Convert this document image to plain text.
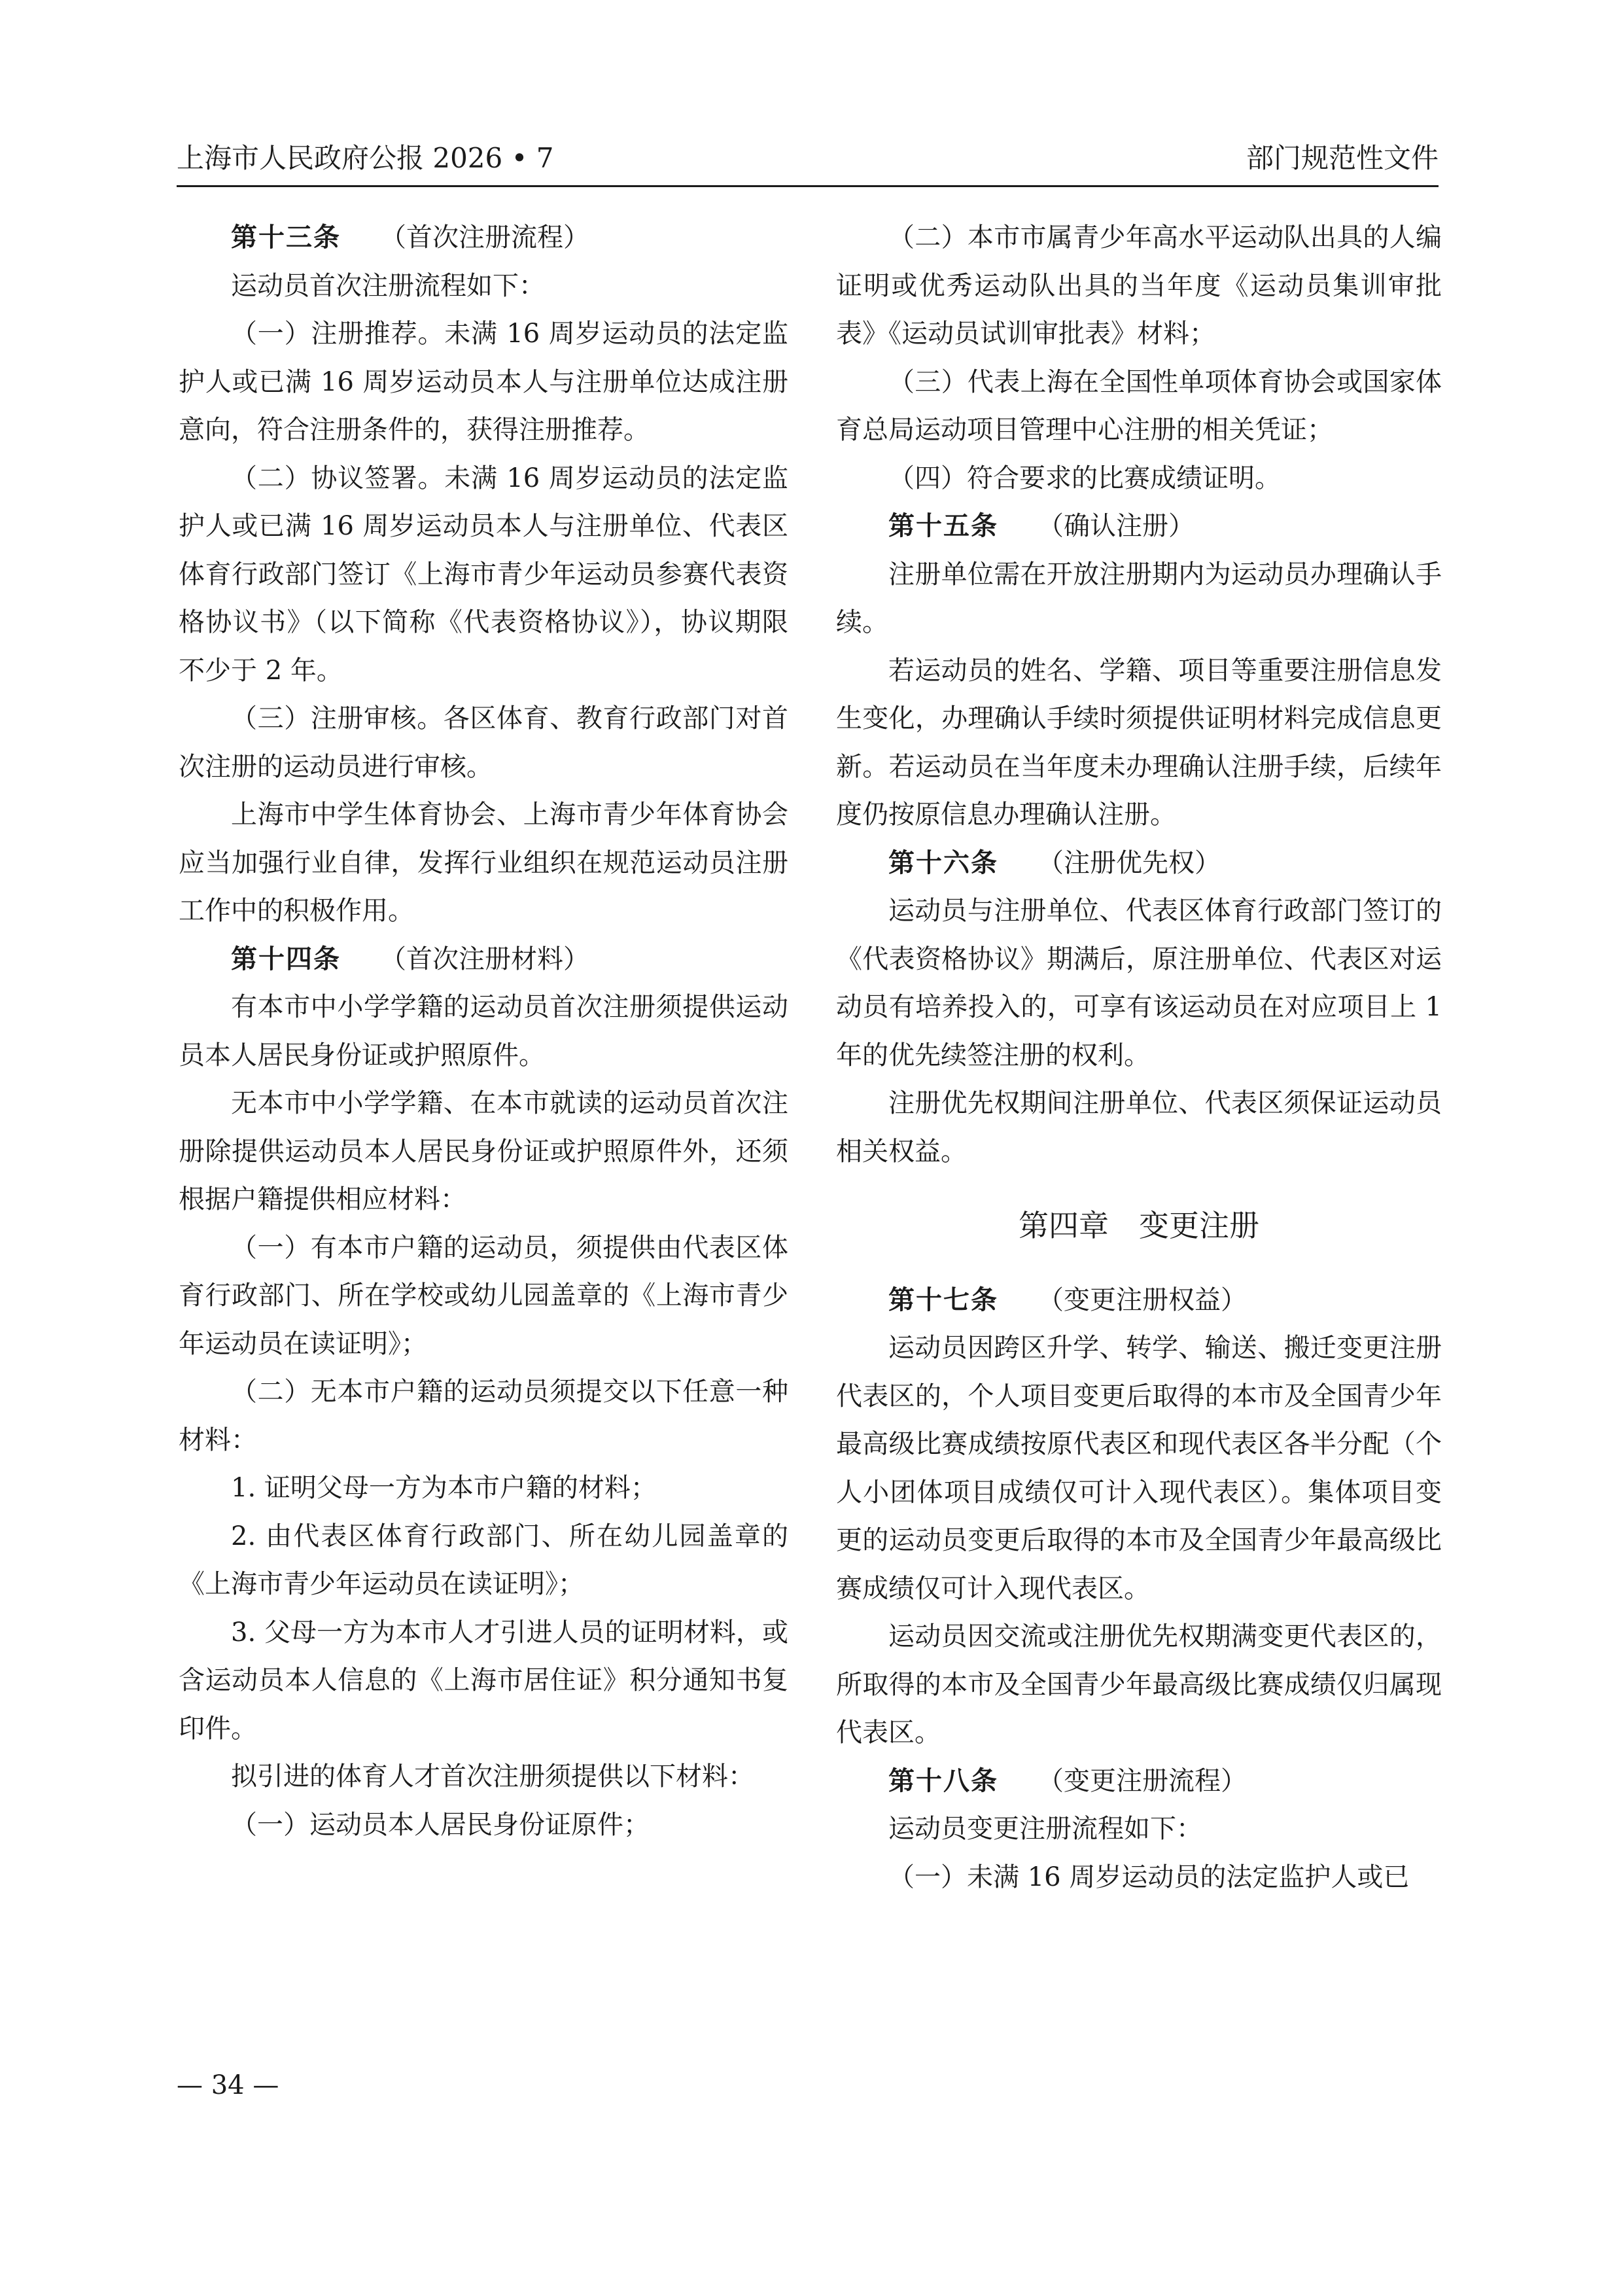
上海市人民政府公报 2026 • 7	部门规范性文件

第十三条 （首次注册流程）

运动员首次注册流程如下：

（一）注册推荐。未满 16 周岁运动员的法定监护人或已满 16 周岁运动员本人与注册单位达成注册意向，符合注册条件的，获得注册推荐。

（二）协议签署。未满 16 周岁运动员的法定监护人或已满 16 周岁运动员本人与注册单位、代表区体育行政部门签订《上海市青少年运动员参赛代表资格协议书》（以下简称《代表资格协议》），协议期限不少于 2 年。

（三）注册审核。各区体育、教育行政部门对首次注册的运动员进行审核。

上海市中学生体育协会、上海市青少年体育协会应当加强行业自律，发挥行业组织在规范运动员注册工作中的积极作用。

第十四条 （首次注册材料）

有本市中小学学籍的运动员首次注册须提供运动员本人居民身份证或护照原件。

无本市中小学学籍、在本市就读的运动员首次注册除提供运动员本人居民身份证或护照原件外，还须根据户籍提供相应材料：

（一）有本市户籍的运动员，须提供由代表区体育行政部门、所在学校或幼儿园盖章的《上海市青少年运动员在读证明》；

（二）无本市户籍的运动员须提交以下任意一种材料：

1. 证明父母一方为本市户籍的材料；

2. 由代表区体育行政部门、所在幼儿园盖章的《上海市青少年运动员在读证明》；

3. 父母一方为本市人才引进人员的证明材料，或含运动员本人信息的《上海市居住证》积分通知书复印件。

拟引进的体育人才首次注册须提供以下材料：

（一）运动员本人居民身份证原件；

（二）本市市属青少年高水平运动队出具的人编证明或优秀运动队出具的当年度《运动员集训审批表》《运动员试训审批表》材料；

（三）代表上海在全国性单项体育协会或国家体育总局运动项目管理中心注册的相关凭证；

（四）符合要求的比赛成绩证明。

第十五条 （确认注册）

注册单位需在开放注册期内为运动员办理确认手续。

若运动员的姓名、学籍、项目等重要注册信息发生变化，办理确认手续时须提供证明材料完成信息更新。若运动员在当年度未办理确认注册手续，后续年度仍按原信息办理确认注册。

第十六条 （注册优先权）

运动员与注册单位、代表区体育行政部门签订的《代表资格协议》期满后，原注册单位、代表区对运动员有培养投入的，可享有该运动员在对应项目上 1 年的优先续签注册的权利。

注册优先权期间注册单位、代表区须保证运动员相关权益。

第四章 变更注册

第十七条 （变更注册权益）

运动员因跨区升学、转学、输送、搬迁变更注册代表区的，个人项目变更后取得的本市及全国青少年最高级比赛成绩按原代表区和现代表区各半分配（个人小团体项目成绩仅可计入现代表区）。集体项目变更的运动员变更后取得的本市及全国青少年最高级比赛成绩仅可计入现代表区。

运动员因交流或注册优先权期满变更代表区的，所取得的本市及全国青少年最高级比赛成绩仅归属现代表区。

第十八条 （变更注册流程）

运动员变更注册流程如下：

（一）未满 16 周岁运动员的法定监护人或已

— 34 —
